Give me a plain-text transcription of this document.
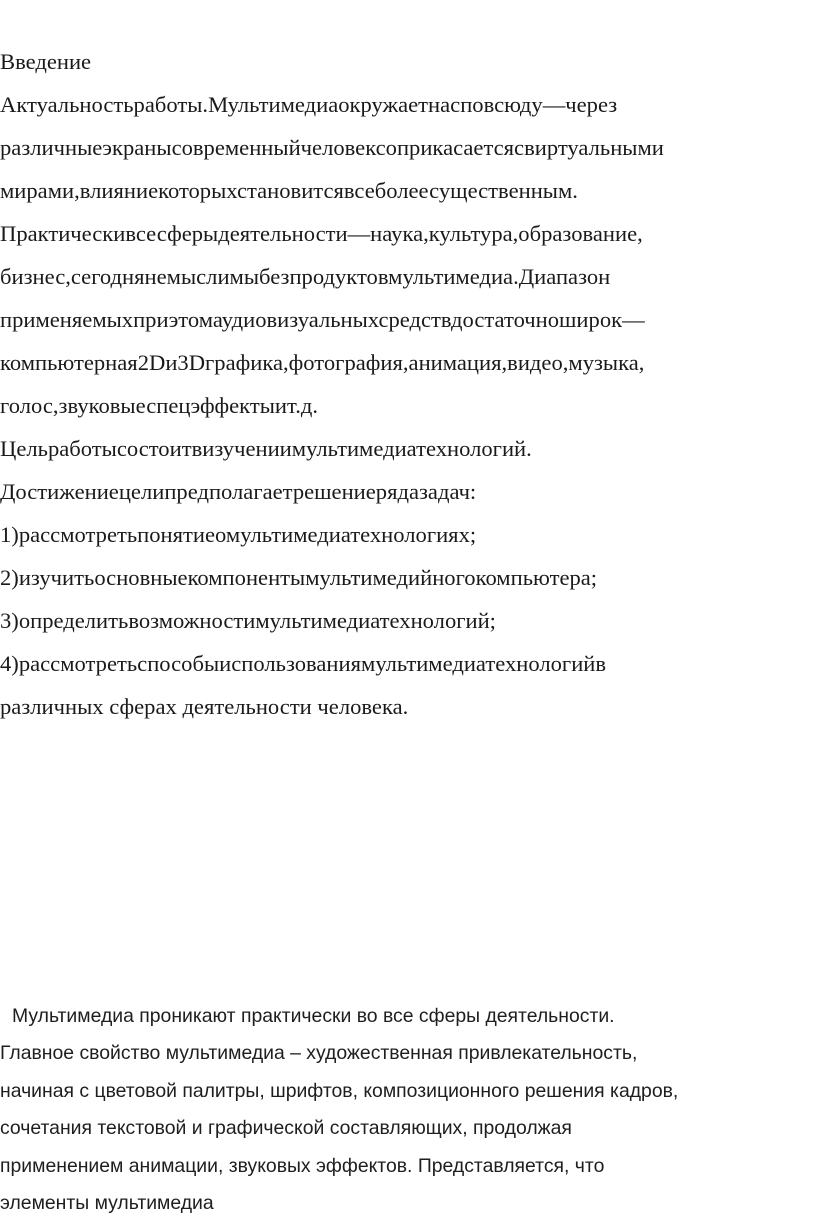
Введение
Актуальностьработы.Мультимедиаокружаетнасповсюду—через
различныеэкранысовременныйчеловексоприкасаетсясвиртуальными
мирами,влияниекоторыхстановитсявсеболеесущественным.
Практическивсесферыдеятельности—наука,культура,образование,
бизнес,сегоднянемыслимыбезпродуктовмультимедиа.Диапазон
применяемыхприэтомаудиовизуальныхсредствдостаточноширок—
компьютерная2Dи3Dграфика,фотография,анимация,видео,музыка,
голос,звуковыеспецэффектыит.д.
Цельработысостоитвизучениимультимедиатехнологий.
Достижениецелипредполагаетрешениерядазадач:
1)рассмотретьпонятиеомультимедиатехнологиях;
2)изучитьосновныекомпонентымультимедийногокомпьютера;
3)определитьвозможностимультимедиатехнологий;
4)рассмотретьспособыиспользованиямультимедиатехнологийв
различных сферах деятельности человека.
Мультимедиа проникают практически во все сферы деятельности.
Главное свойство мультимедиа – художественная привлекательность,
начиная с цветовой палитры, шрифтов, композиционного решения кадров,
сочетания текстовой и графической составляющих, продолжая
применением анимации, звуковых эффектов. Представляется, что
элементы мультимедиа
